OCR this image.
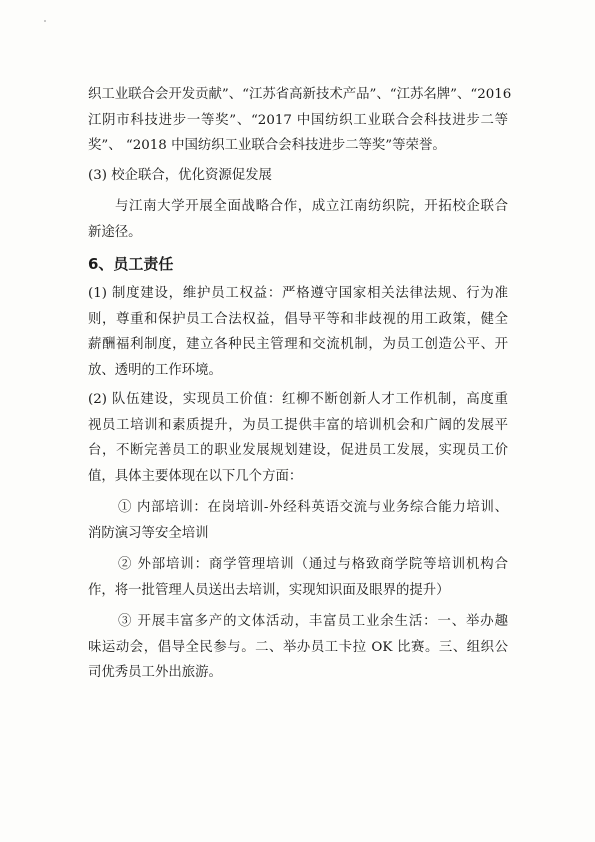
织工业联合会开发贡献”、“江苏省高新技术产品”、“江苏名牌”、“2016
江阴市科技进步一等奖”、“2017 中国纺织工业联合会科技进步二等
奖”、 “2018 中国纺织工业联合会科技进步二等奖”等荣誉。
(3) 校企联合，优化资源促发展
与江南大学开展全面战略合作，成立江南纺织院，开拓校企联合
新途径。
6、员工责任
(1) 制度建设，维护员工权益：严格遵守国家相关法律法规、行为准
则，尊重和保护员工合法权益，倡导平等和非歧视的用工政策，健全
薪酬福利制度，建立各种民主管理和交流机制，为员工创造公平、开
放、透明的工作环境。
(2) 队伍建设，实现员工价值：红柳不断创新人才工作机制，高度重
视员工培训和素质提升，为员工提供丰富的培训机会和广阔的发展平
台，不断完善员工的职业发展规划建设，促进员工发展，实现员工价
值，具体主要体现在以下几个方面：
① 内部培训：在岗培训-外经科英语交流与业务综合能力培训、
消防演习等安全培训
② 外部培训：商学管理培训（通过与格致商学院等培训机构合
作，将一批管理人员送出去培训，实现知识面及眼界的提升）
③ 开展丰富多产的文体活动，丰富员工业余生活：一、举办趣
味运动会，倡导全民参与。二、举办员工卡拉 OK 比赛。三、组织公
司优秀员工外出旅游。
